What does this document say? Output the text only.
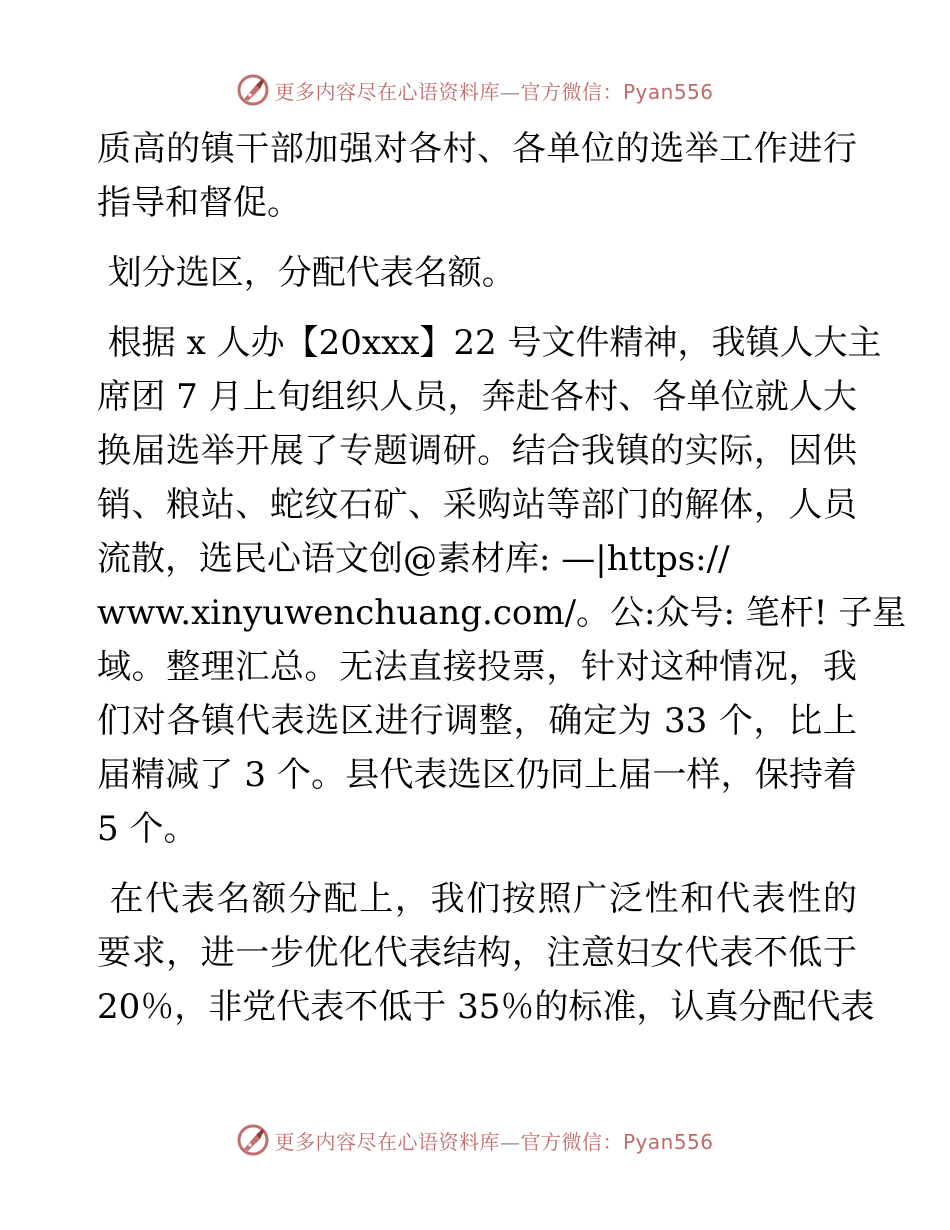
更多内容尽在心语资料库—官方微信：Pyan556
质高的镇干部加强对各村、各单位的选举工作进行
指导和督促。
划分选区，分配代表名额。
根据 x 人办【20xxx】22 号文件精神，我镇人大主
席团 7 月上旬组织人员，奔赴各村、各单位就人大
换届选举开展了专题调研。结合我镇的实际，因供
销、粮站、蛇纹石矿、采购站等部门的解体，人员
流散，选民心语文创@素材库: —|https://
www.xinyuwenchuang.com/。公:众号: 笔杆! 子星
域。整理汇总。无法直接投票，针对这种情况，我
们对各镇代表选区进行调整，确定为 33 个，比上
届精减了 3 个。县代表选区仍同上届一样，保持着
5 个。
在代表名额分配上，我们按照广泛性和代表性的
要求，进一步优化代表结构，注意妇女代表不低于
20％，非党代表不低于 35％的标准，认真分配代表
更多内容尽在心语资料库—官方微信：Pyan556
